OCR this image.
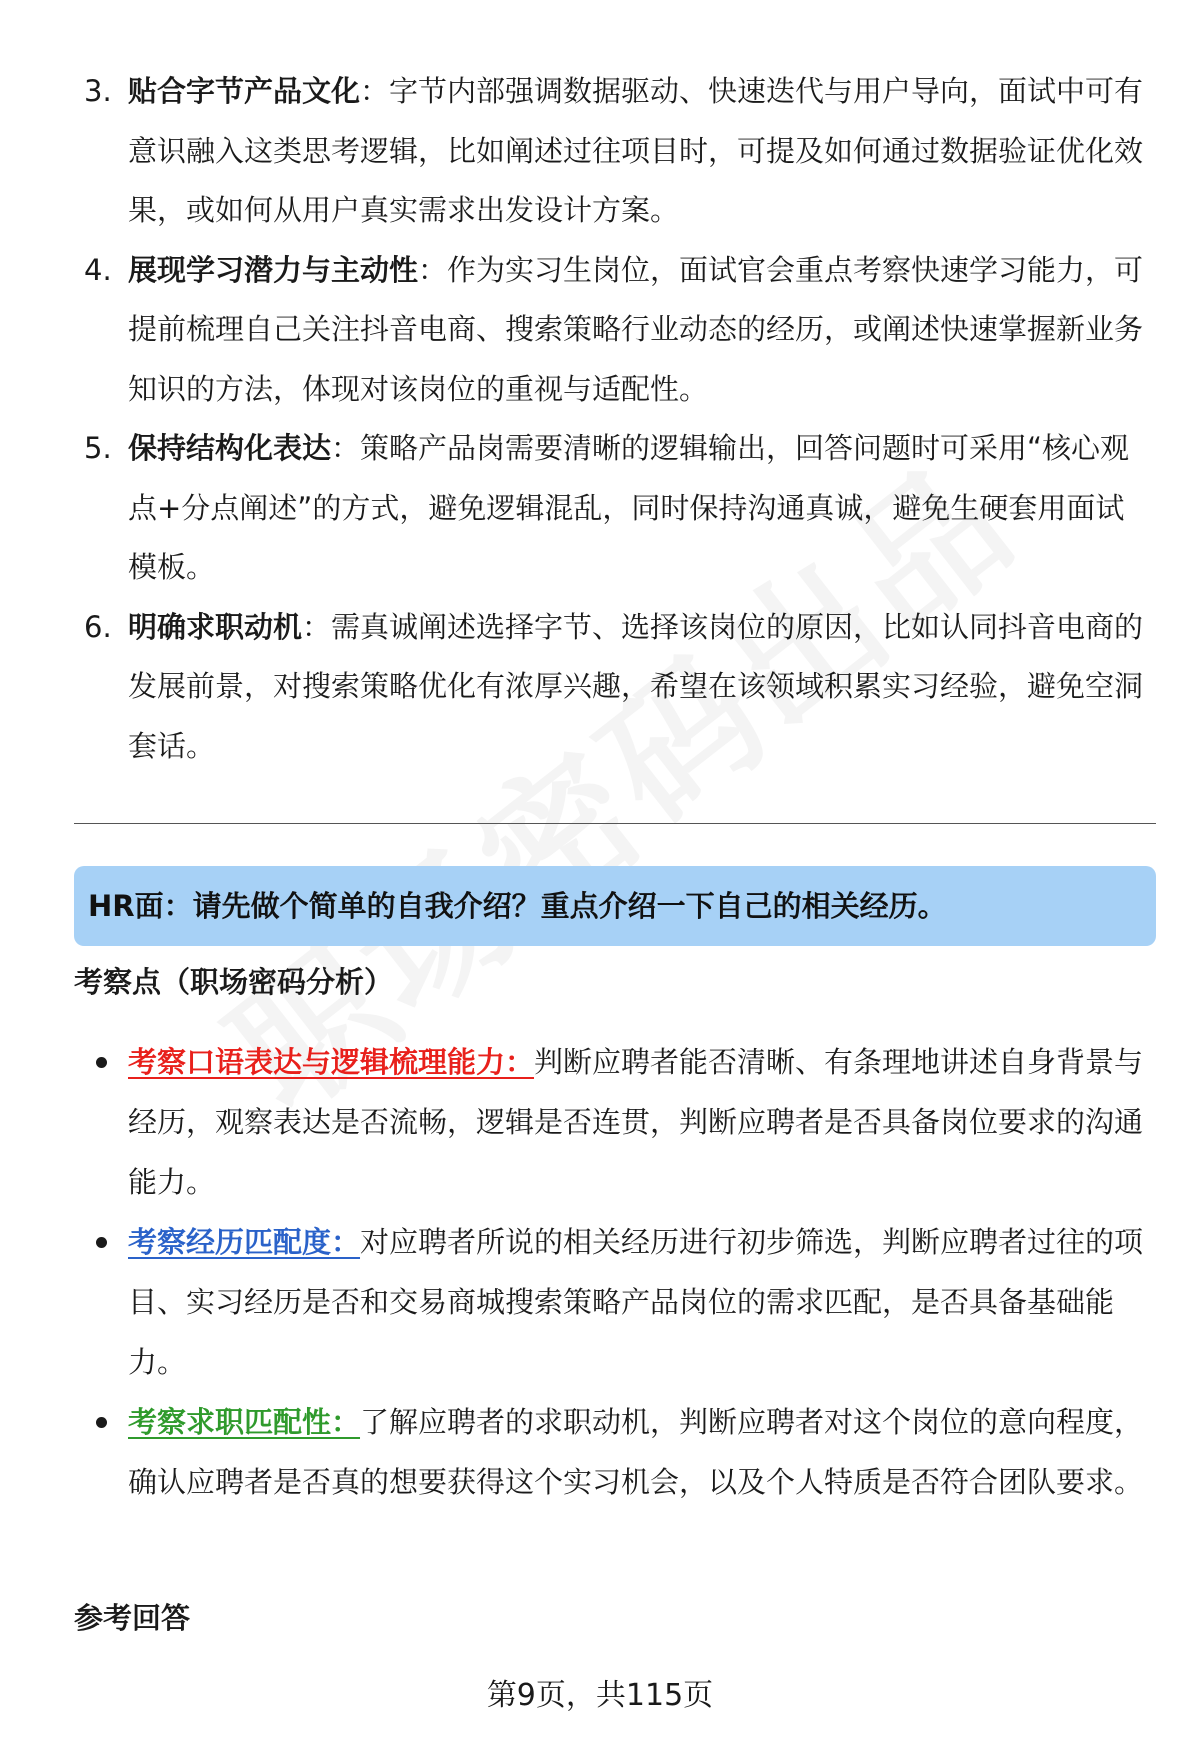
3. 贴合字节产品文化：字节内部强调数据驱动、快速迭代与用户导向，面试中可有意识融入这类思考逻辑，比如阐述过往项目时，可提及如何通过数据验证优化效果，或如何从用户真实需求出发设计方案。
4. 展现学习潜力与主动性：作为实习生岗位，面试官会重点考察快速学习能力，可提前梳理自己关注抖音电商、搜索策略行业动态的经历，或阐述快速掌握新业务知识的方法，体现对该岗位的重视与适配性。
5. 保持结构化表达：策略产品岗需要清晰的逻辑输出，回答问题时可采用“核心观点+分点阐述”的方式，避免逻辑混乱，同时保持沟通真诚，避免生硬套用面试模板。
6. 明确求职动机：需真诚阐述选择字节、选择该岗位的原因，比如认同抖音电商的发展前景，对搜索策略优化有浓厚兴趣，希望在该领域积累实习经验，避免空洞套话。
HR面：请先做个简单的自我介绍？重点介绍一下自己的相关经历。
考察点（职场密码分析）
考察口语表达与逻辑梳理能力：判断应聘者能否清晰、有条理地讲述自身背景与经历，观察表达是否流畅，逻辑是否连贯，判断应聘者是否具备岗位要求的沟通能力。
考察经历匹配度：对应聘者所说的相关经历进行初步筛选，判断应聘者过往的项目、实习经历是否和交易商城搜索策略产品岗位的需求匹配，是否具备基础能力。
考察求职匹配性：了解应聘者的求职动机，判断应聘者对这个岗位的意向程度，确认应聘者是否真的想要获得这个实习机会，以及个人特质是否符合团队要求。
参考回答
第9页，共115页
